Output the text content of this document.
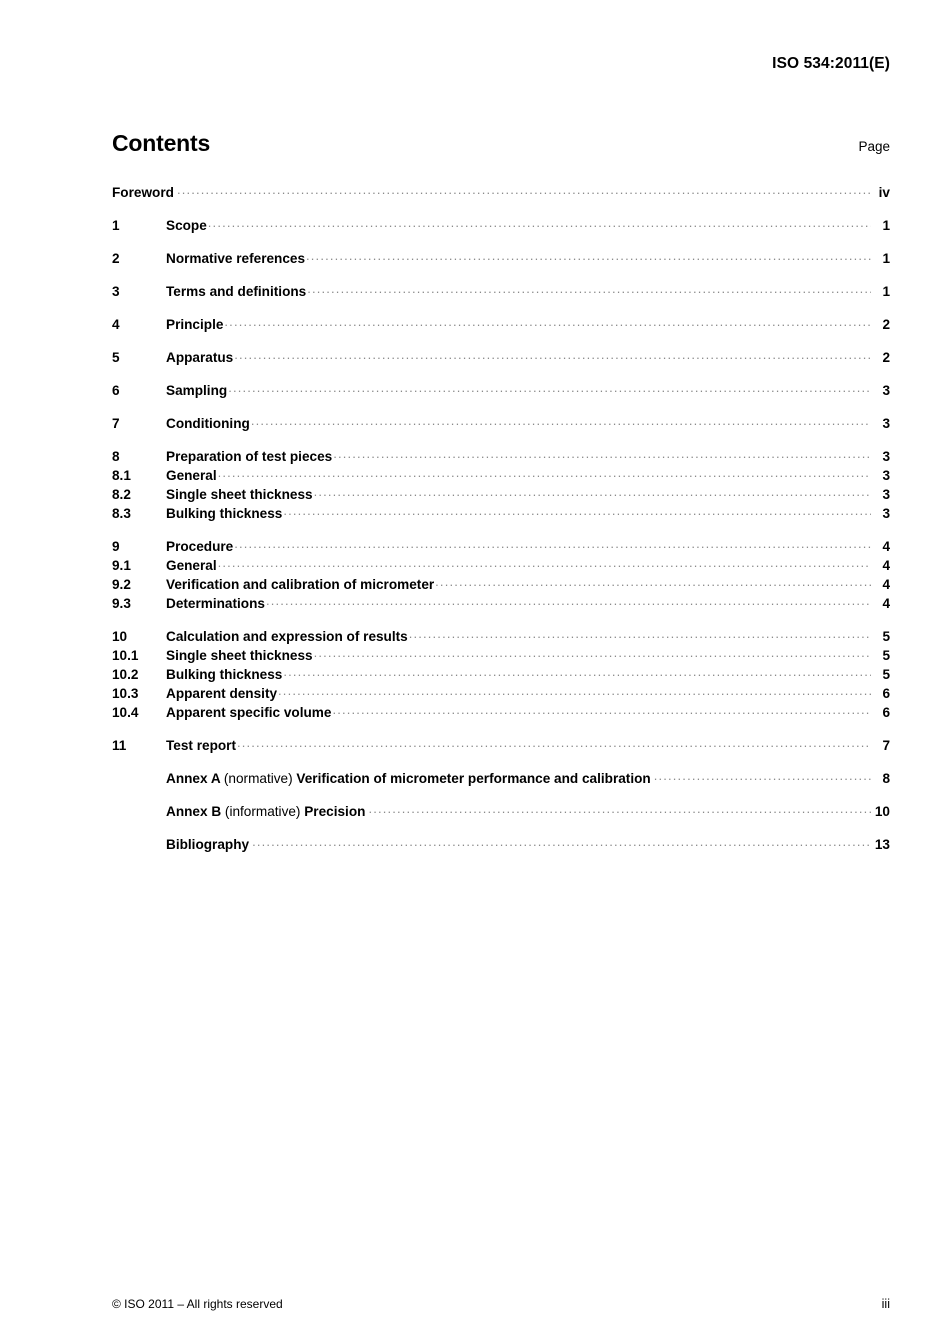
ISO 534:2011(E)
Contents	Page
Foreword .....	iv
1	Scope .....	1
2	Normative references .....	1
3	Terms and definitions .....	1
4	Principle .....	2
5	Apparatus .....	2
6	Sampling .....	3
7	Conditioning .....	3
8	Preparation of test pieces .....	3
8.1	General .....	3
8.2	Single sheet thickness .....	3
8.3	Bulking thickness .....	3
9	Procedure .....	4
9.1	General .....	4
9.2	Verification and calibration of micrometer .....	4
9.3	Determinations .....	4
10	Calculation and expression of results .....	5
10.1	Single sheet thickness .....	5
10.2	Bulking thickness .....	5
10.3	Apparent density .....	6
10.4	Apparent specific volume .....	6
11	Test report .....	7
Annex A (normative) Verification of micrometer performance and calibration .....	8
Annex B (informative) Precision .....	10
Bibliography .....	13
© ISO 2011 – All rights reserved	iii
